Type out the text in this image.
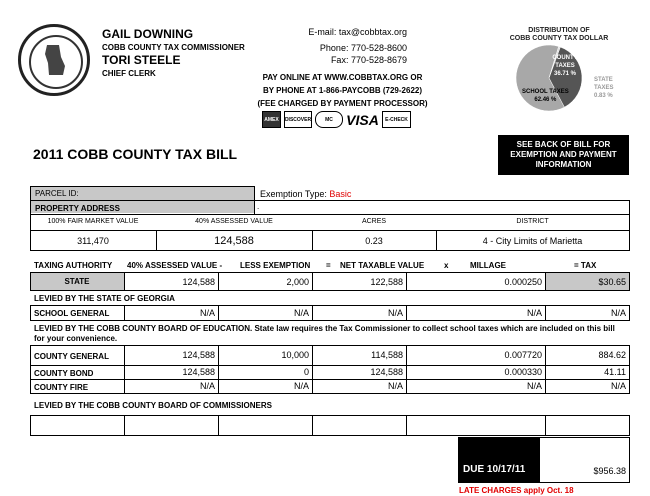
GAIL DOWNING
COBB COUNTY TAX COMMISSIONER
TORI STEELE
CHIEF CLERK
E-mail: tax@cobbtax.org
Phone: 770-528-8600
Fax: 770-528-8679
PAY ONLINE AT WWW.COBBTAX.ORG OR
BY PHONE AT 1-866-PAYCOBB (729-2622)
(FEE CHARGED BY PAYMENT PROCESSOR)
AMEX	DISCOVER	MC VISA	E-CHECK
DISTRIBUTION OF
COBB COUNTY TAX DOLLAR
COUNTY TAXES
36.71 %
SCHOOL TAXES
62.46 %
STATE TAXES
0.83 %
2011 COBB COUNTY TAX BILL
SEE BACK OF BILL FOR
EXEMPTION AND PAYMENT
INFORMATION
PARCEL ID:
PROPERTY ADDRESS
Exemption Type: Basic
.
100% FAIR MARKET VALUE	40% ASSESSED VALUE	ACRES	DISTRICT
311,470	124,588	0.23	4 - City Limits of Marietta
TAXING AUTHORITY 40% ASSESSED VALUE - LESS EXEMPTION = NET TAXABLE VALUE x	MILLAGE	= TAX
STATE	124,588	2,000	122,588	0.000250	$30.65
LEVIED BY THE STATE OF GEORGIA
SCHOOL GENERAL	N/A	N/A	N/A	N/A	N/A
LEVIED BY THE COBB COUNTY BOARD OF EDUCATION. State law requires the Tax Commissioner to collect school taxes which are included on this bill for your convenience.
COUNTY GENERAL	124,588	10,000	114,588	0.007720	884.62
COUNTY BOND	124,588	0	124,588	0.000330	41.11
COUNTY FIRE	N/A	N/A	N/A	N/A	N/A
LEVIED BY THE COBB COUNTY BOARD OF COMMISSIONERS
DUE 10/17/11	$956.38
LATE CHARGES apply Oct. 18
